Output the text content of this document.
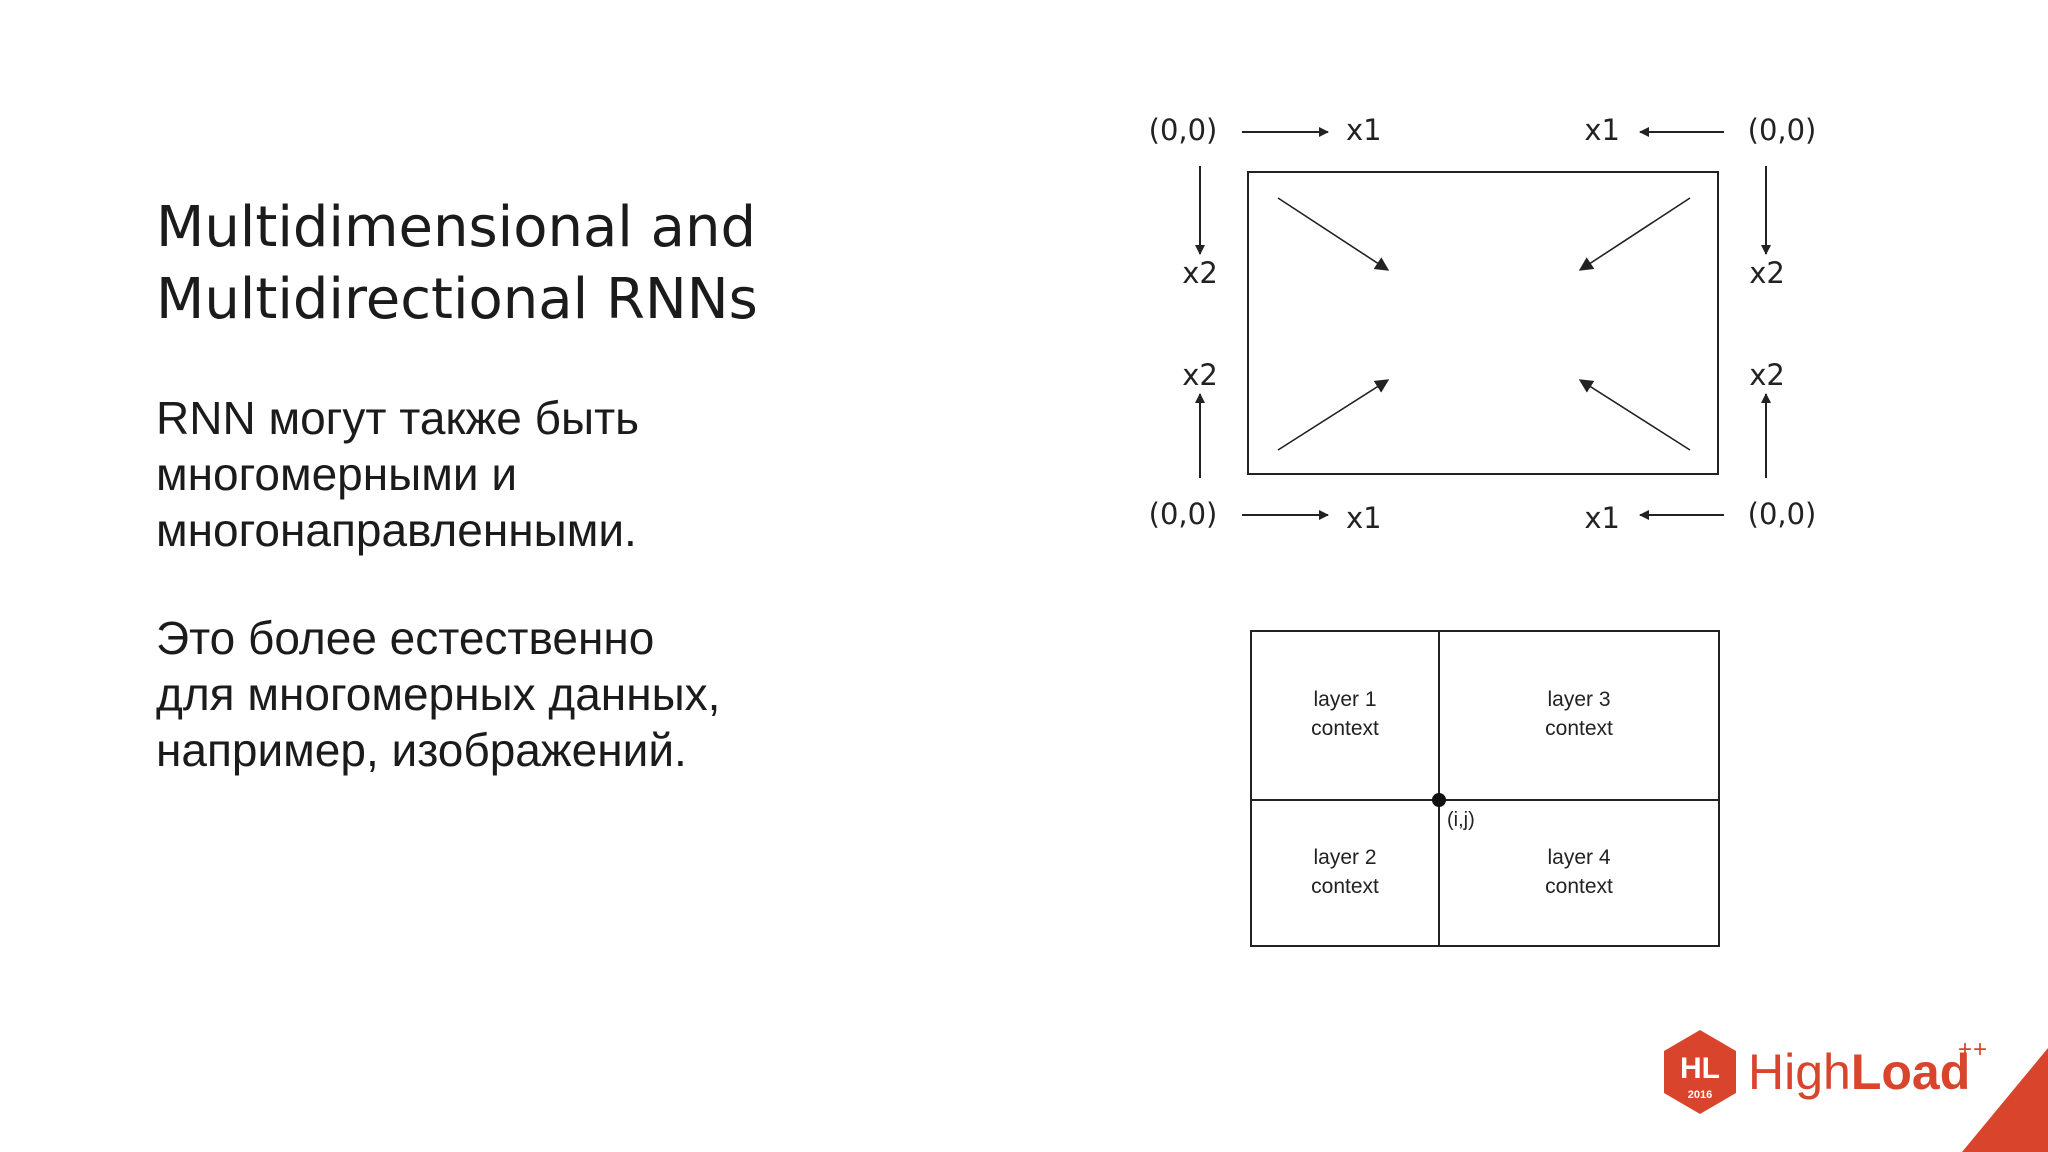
Multidimensional and
Multidirectional RNNs

RNN могут также быть
многомерными и
многонаправленными.

Это более естественно
для многомерных данных,
например, изображений.

(0,0)	x1
x2
(0,0)
x1
x2
x2
(0,0)	x1
x2
(0,0)
x1
layer 1
context
layer 3
context
layer 2
context
layer 4
context
(i,j)
HL
2016 HighLoad
++
